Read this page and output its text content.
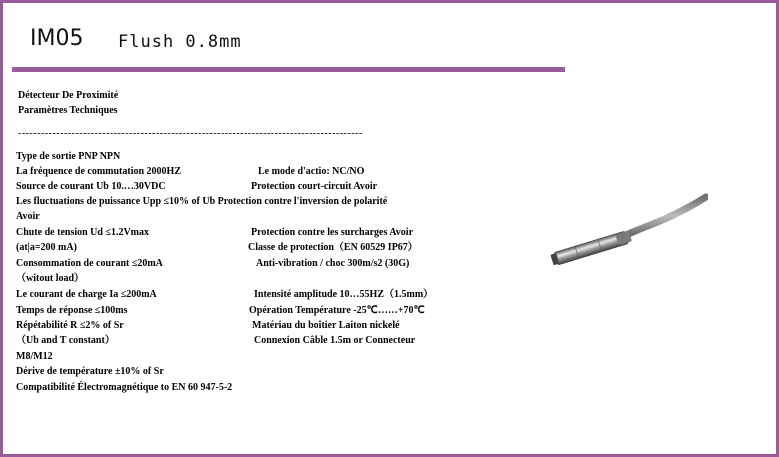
IM05 Flush 0.8mm
Détecteur De Proximité
Paramètres Techniques
------------------------------------------------------------------------------------------
Type de sortie PNP NPN
La fréquence de commutation 2000HZ	Le mode d'actio: NC/NO
Source de courant Ub 10.…30VDC	Protection court-circuit Avoir
Les fluctuations de puissance Upp ≤10% of Ub Protection contre l'inversion de polarité
Avoir
Chute de tension Ud ≤1.2Vmax	Protection contre les surcharges Avoir
(at|a=200 mA)	Classe de protection（EN 60529 IP67）
Consommation de courant ≤20mA	Anti-vibration / choc 300m/s2 (30G)
（witout load）
Le courant de charge Ia ≤200mA	Intensité amplitude 10…55HZ（1.5mm）
Temps de réponse ≤100ms	Opération Température -25℃……+70℃
Répétabilité R ≤2% of Sr	Matériau du boîtier Laiton nickelé
（Ub and T constant）	Connexion Câble 1.5m or Connecteur
M8/M12
Dérive de température ±10% of Sr
Compatibilité Électromagnétique to EN 60 947-5-2
